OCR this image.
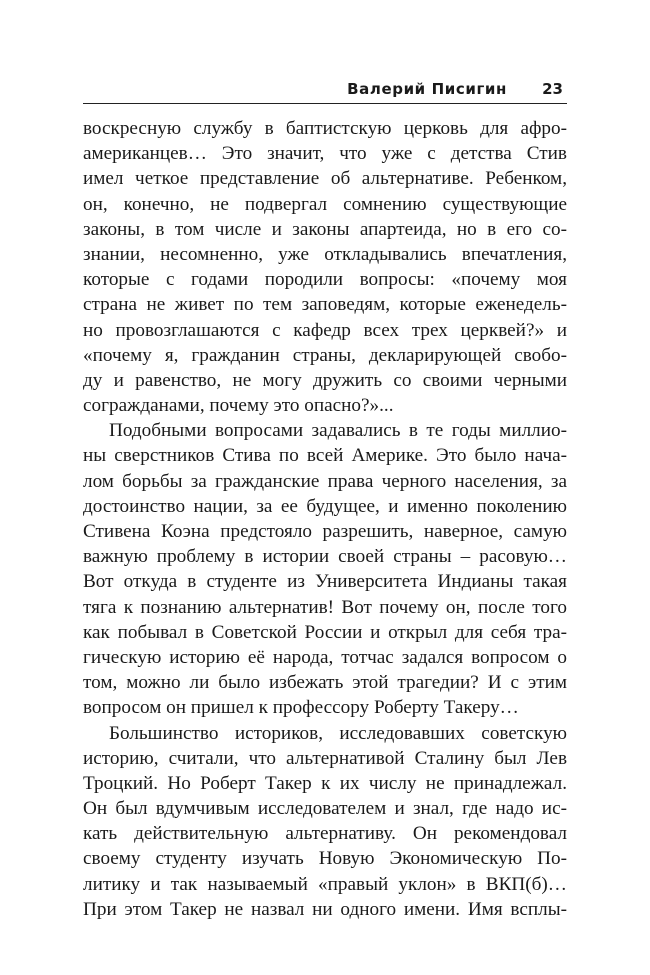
Валерий Писигин 23
воскресную службу в баптистскую церковь для афро-
американцев… Это значит, что уже с детства Стив
имел четкое представление об альтернативе. Ребенком,
он, конечно, не подвергал сомнению существующие
законы, в том числе и законы апартеида, но в его со-
знании, несомненно, уже откладывались впечатления,
которые с годами породили вопросы: «почему моя
страна не живет по тем заповедям, которые еженедель-
но провозглашаются с кафедр всех трех церквей?» и
«почему я, гражданин страны, декларирующей свобо-
ду и равенство, не могу дружить со своими черными
согражданами, почему это опасно?»...
Подобными вопросами задавались в те годы миллио-
ны сверстников Стива по всей Америке. Это было нача-
лом борьбы за гражданские права черного населения, за
достоинство нации, за ее будущее, и именно поколению
Стивена Коэна предстояло разрешить, наверное, самую
важную проблему в истории своей страны – расовую…
Вот откуда в студенте из Университета Индианы такая
тяга к познанию альтернатив! Вот почему он, после того
как побывал в Советской России и открыл для себя тра-
гическую историю её народа, тотчас задался вопросом о
том, можно ли было избежать этой трагедии? И с этим
вопросом он пришел к профессору Роберту Такеру…
Большинство историков, исследовавших советскую
историю, считали, что альтернативой Сталину был Лев
Троцкий. Но Роберт Такер к их числу не принадлежал.
Он был вдумчивым исследователем и знал, где надо ис-
кать действительную альтернативу. Он рекомендовал
своему студенту изучать Новую Экономическую По-
литику и так называемый «правый уклон» в ВКП(б)…
При этом Такер не назвал ни одного имени. Имя всплы-
